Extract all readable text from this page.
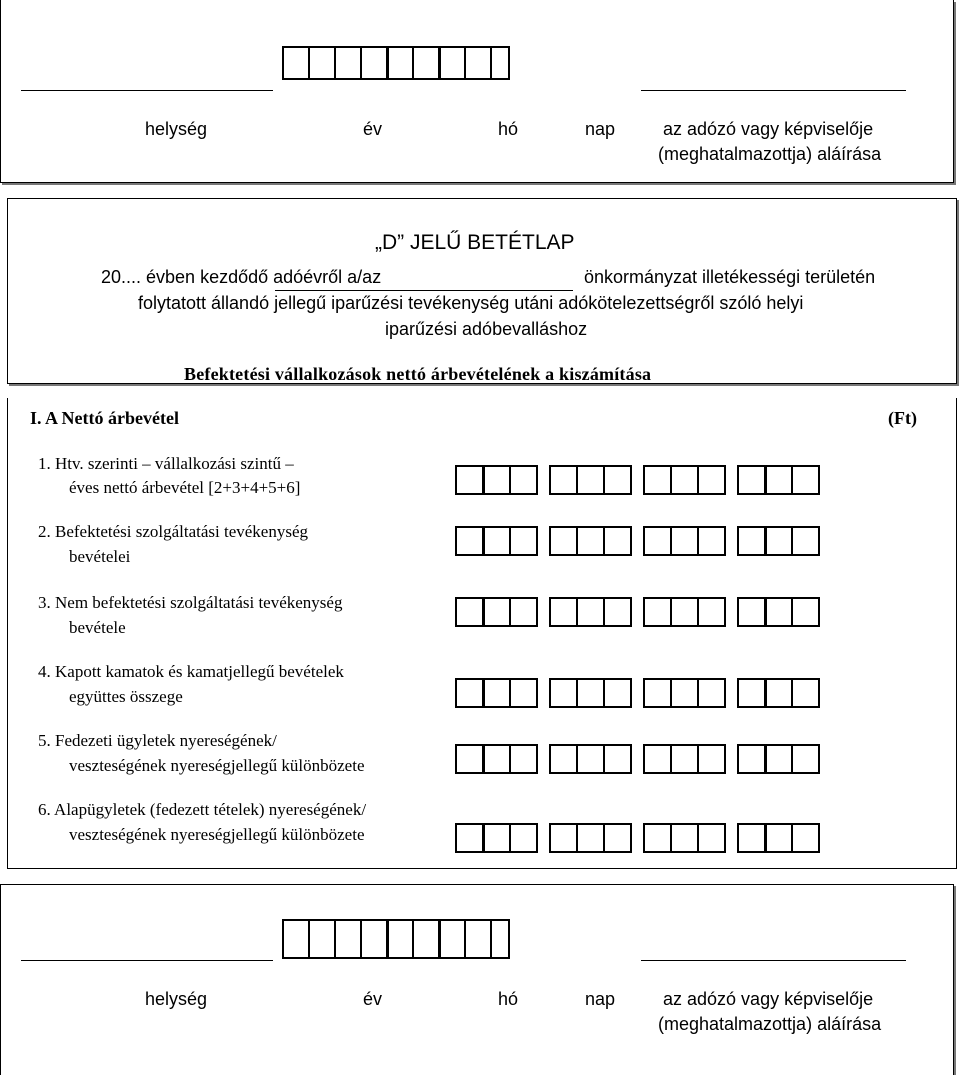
helység	év	hó	nap	az adózó vagy képviselője
(meghatalmazottja) aláírása
„D” JELŰ BETÉTLAP
20.... évben kezdődő adóévről a/az	önkormányzat illetékességi területén
folytatott állandó jellegű iparűzési tevékenység utáni adókötelezettségről szóló helyi
iparűzési adóbevalláshoz
Befektetési vállalkozások nettó árbevételének a kiszámítása
I. A Nettó árbevétel	(Ft)
1. Htv. szerinti – vállalkozási szintű –
éves nettó árbevétel [2+3+4+5+6]
2. Befektetési szolgáltatási tevékenység
bevételei
3. Nem befektetési szolgáltatási tevékenység
bevétele
4. Kapott kamatok és kamatjellegű bevételek
együttes összege
5. Fedezeti ügyletek nyereségének/
veszteségének nyereségjellegű különbözete
6. Alapügyletek (fedezett tételek) nyereségének/
veszteségének nyereségjellegű különbözete
helység	év	hó	nap	az adózó vagy képviselője
(meghatalmazottja) aláírása
